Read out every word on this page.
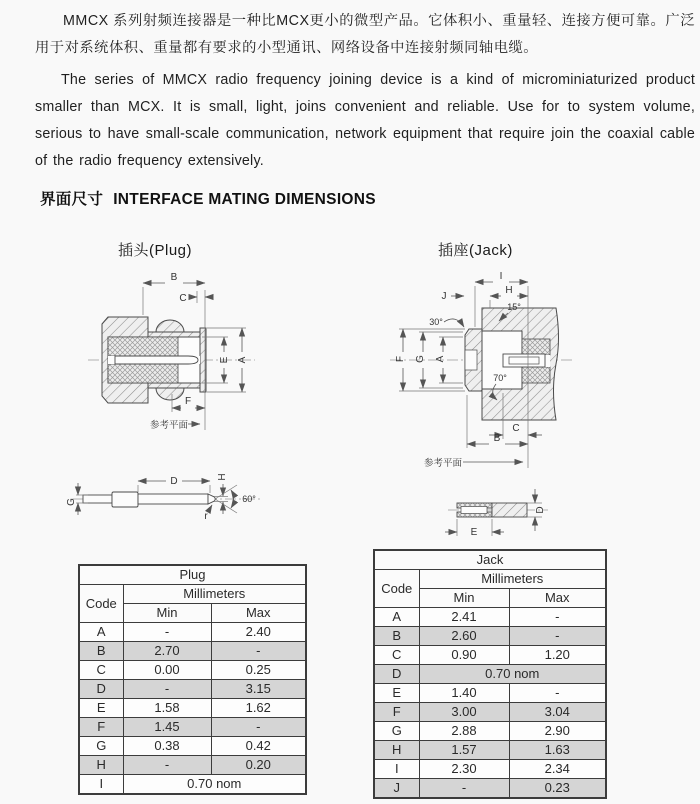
MMCX 系列射频连接器是一种比MCX更小的微型产品。它体积小、重量轻、连接方便可靠。广泛用于对系统体积、重量都有要求的小型通讯、网络设备中连接射频同轴电缆。

The series of MMCX radio frequency joining device is a kind of microminiaturized product smaller than MCX. It is small, light, joins convenient and reliable. Use for to system volume, serious to have small-scale communication, network equipment that require join the coaxial cable of the radio frequency extensively.

界面尺寸 INTERFACE MATING DIMENSIONS
插头(Plug)	插座(Jack)
B
C
A
E
F
参考平面
G
D	H
60°
r
I
J
H
30°
15°
F G A
70°
C
B
参考平面
E
D
Plug		
Code	Millimeters	
	Min	Max
A	-	2.40
B	2.70	-
C	0.00	0.25
D	-	3.15
E	1.58	1.62
F	1.45	-
G	0.38	0.42
H	-	0.20
I	0.70 nom	
Jack		
Code	Millimeters	
	Min	Max
A	2.41	-
B	2.60	-
C	0.90	1.20
D	0.70 nom	
E	1.40	-
F	3.00	3.04
G	2.88	2.90
H	1.57	1.63
I	2.30	2.34
J	-	0.23
